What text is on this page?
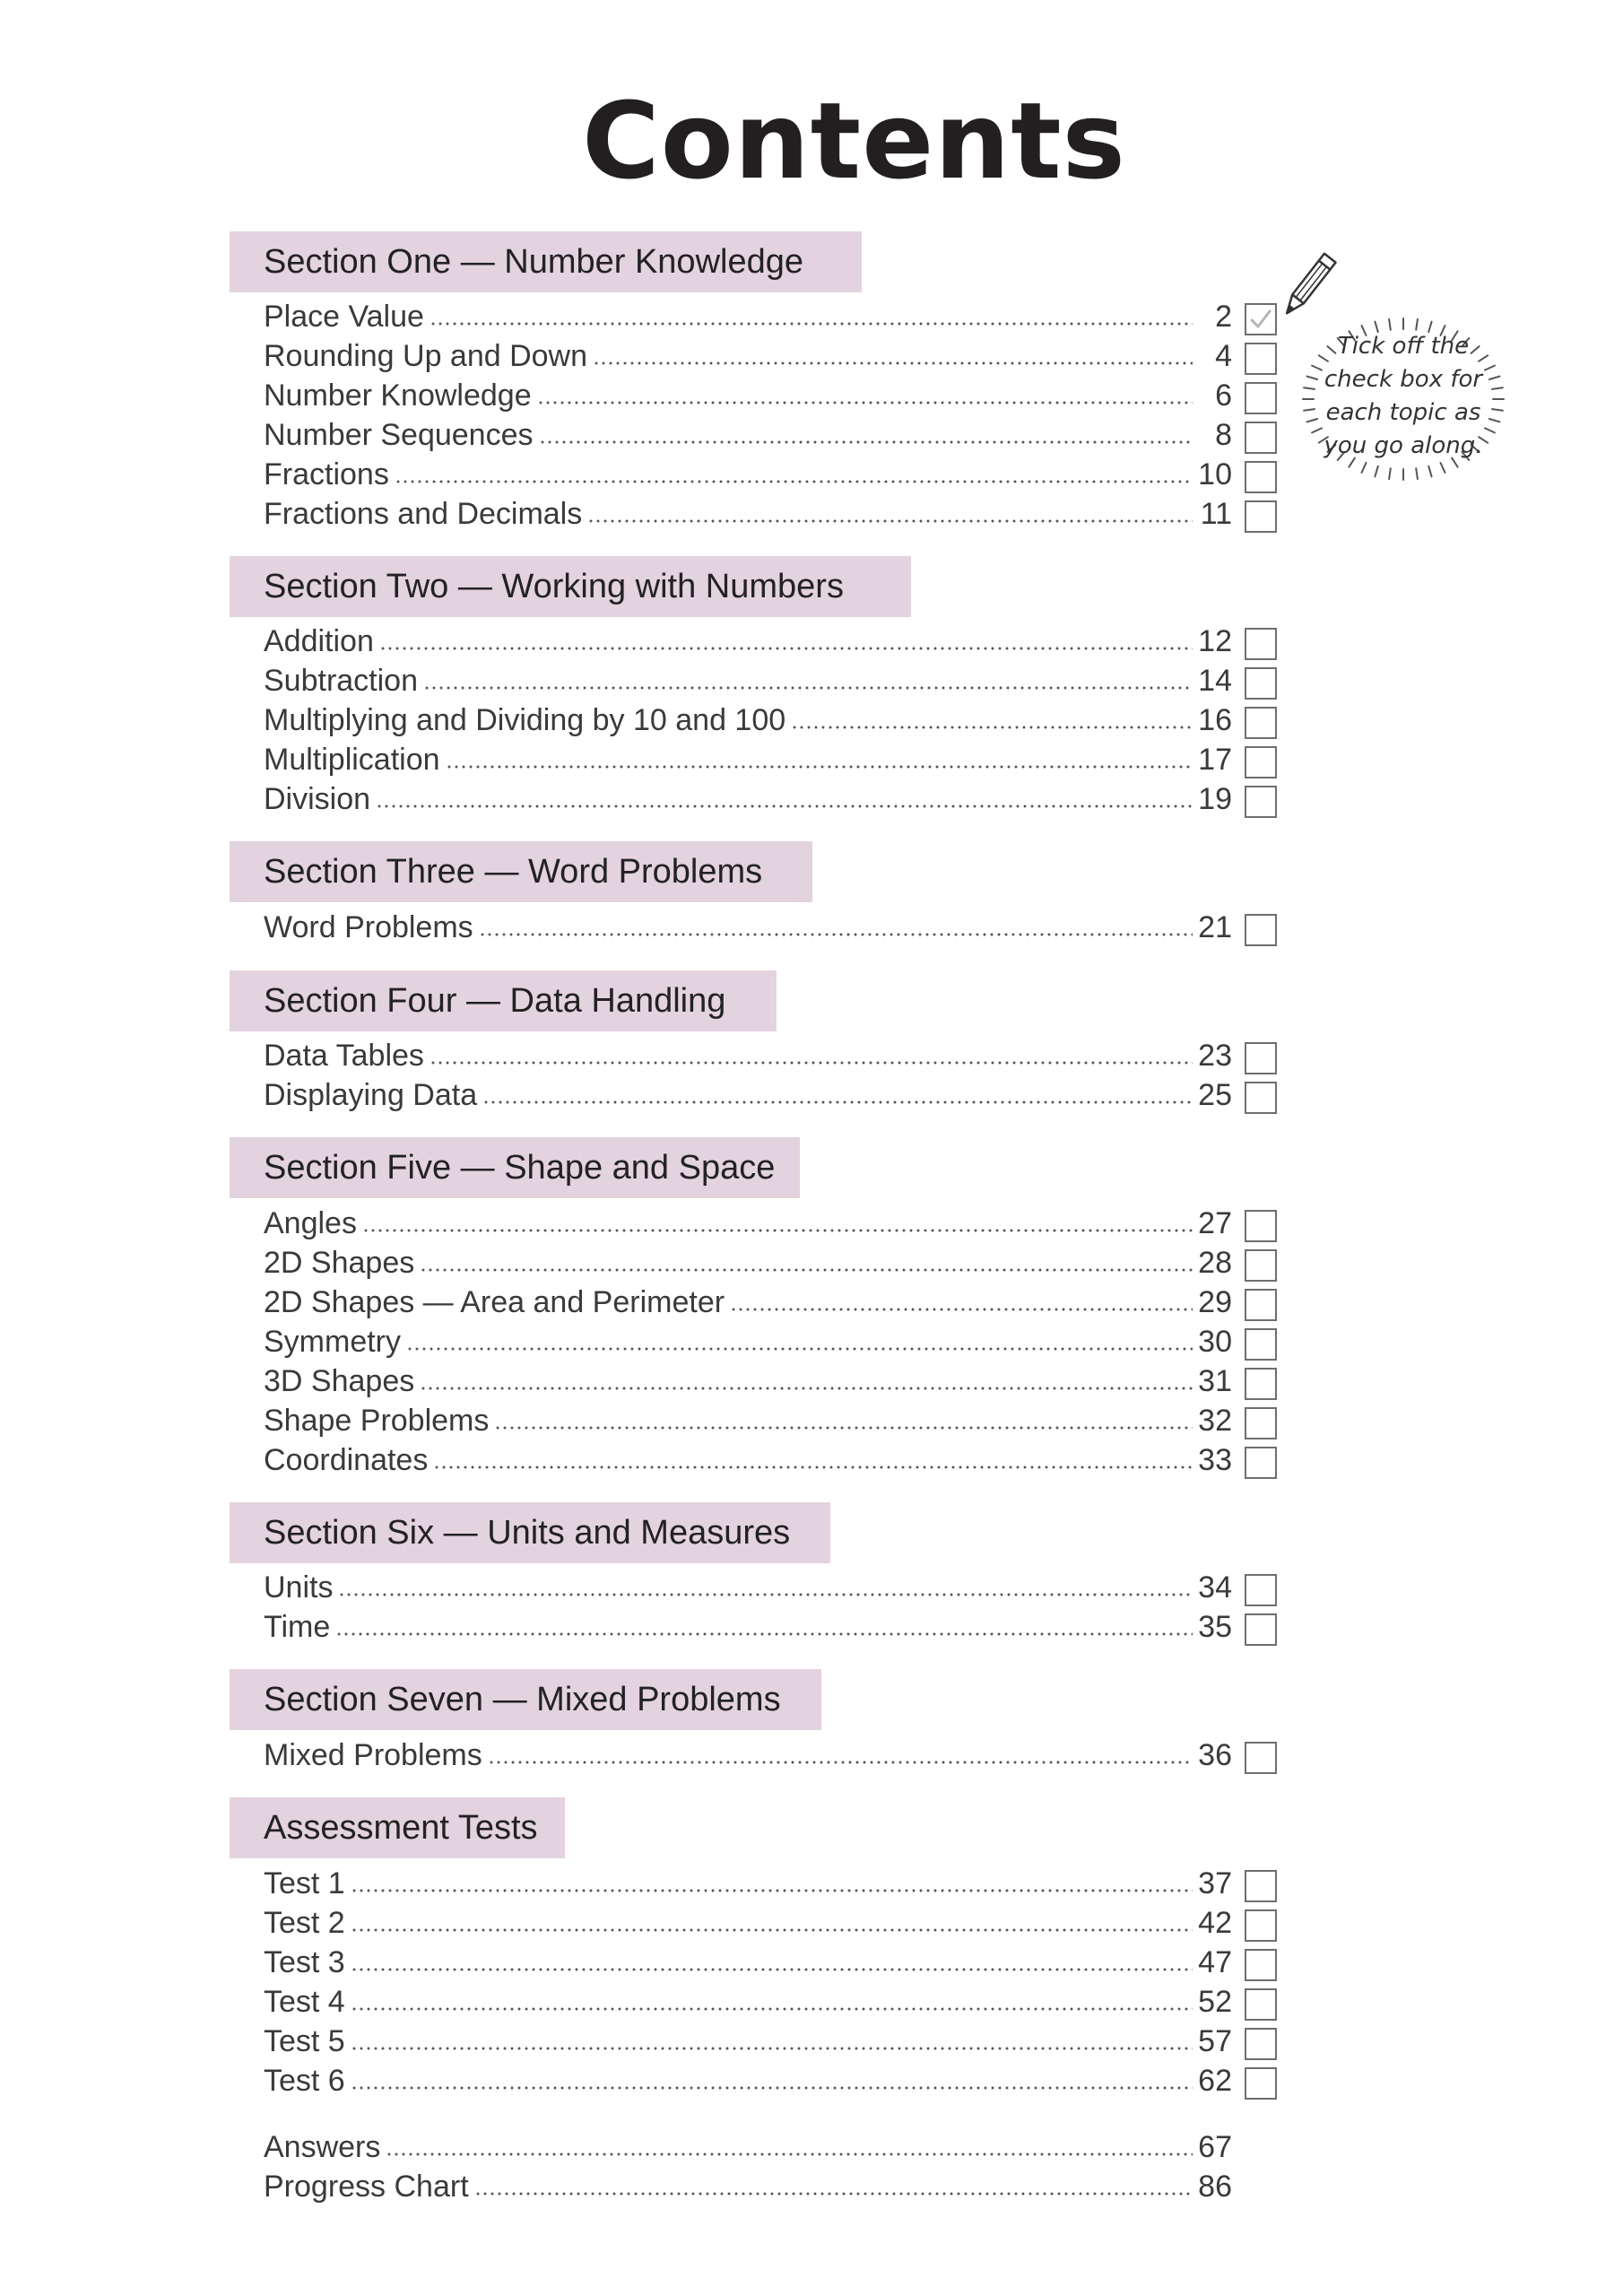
Contents
Section One — Number Knowledge
Place Value	2
Rounding Up and Down	4
Number Knowledge	6
Number Sequences	8
Fractions	10
Fractions and Decimals	11
Section Two — Working with Numbers
Addition	12
Subtraction	14
Multiplying and Dividing by 10 and 100	16
Multiplication	17
Division	19
Section Three — Word Problems
Word Problems	21
Section Four — Data Handling
Data Tables	23
Displaying Data	25
Section Five — Shape and Space
Angles	27
2D Shapes	28
2D Shapes — Area and Perimeter	29
Symmetry	30
3D Shapes	31
Shape Problems	32
Coordinates	33
Section Six — Units and Measures
Units	34
Time	35
Section Seven — Mixed Problems
Mixed Problems	36
Assessment Tests
Test 1	37
Test 2	42
Test 3	47
Test 4	52
Test 5	57
Test 6	62
Answers	67
Progress Chart	86
Tick off the
check box for
each topic as
you go along.
